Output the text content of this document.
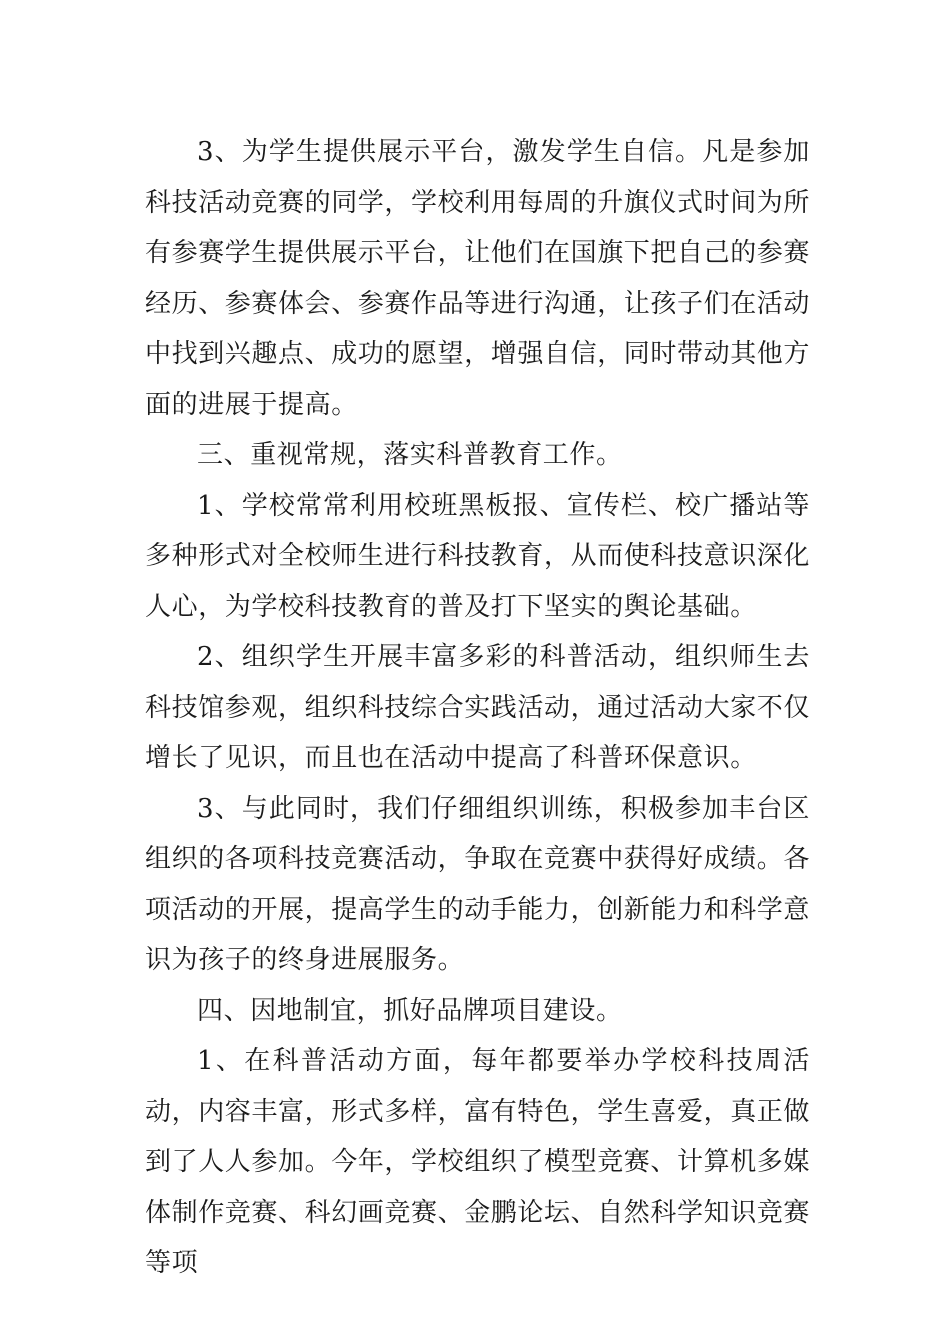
3、为学生提供展示平台，激发学生自信。凡是参加科技活动竞赛的同学，学校利用每周的升旗仪式时间为所有参赛学生提供展示平台，让他们在国旗下把自己的参赛经历、参赛体会、参赛作品等进行沟通，让孩子们在活动中找到兴趣点、成功的愿望，增强自信，同时带动其他方面的进展于提高。

三、重视常规，落实科普教育工作。

1、学校常常利用校班黑板报、宣传栏、校广播站等多种形式对全校师生进行科技教育，从而使科技意识深化人心，为学校科技教育的普及打下坚实的舆论基础。

2、组织学生开展丰富多彩的科普活动，组织师生去科技馆参观，组织科技综合实践活动，通过活动大家不仅增长了见识，而且也在活动中提高了科普环保意识。

3、与此同时，我们仔细组织训练，积极参加丰台区组织的各项科技竞赛活动，争取在竞赛中获得好成绩。各项活动的开展，提高学生的动手能力，创新能力和科学意识为孩子的终身进展服务。

四、因地制宜，抓好品牌项目建设。

1、在科普活动方面，每年都要举办学校科技周活动，内容丰富，形式多样，富有特色，学生喜爱，真正做到了人人参加。今年，学校组织了模型竞赛、计算机多媒体制作竞赛、科幻画竞赛、金鹏论坛、自然科学知识竞赛等项
